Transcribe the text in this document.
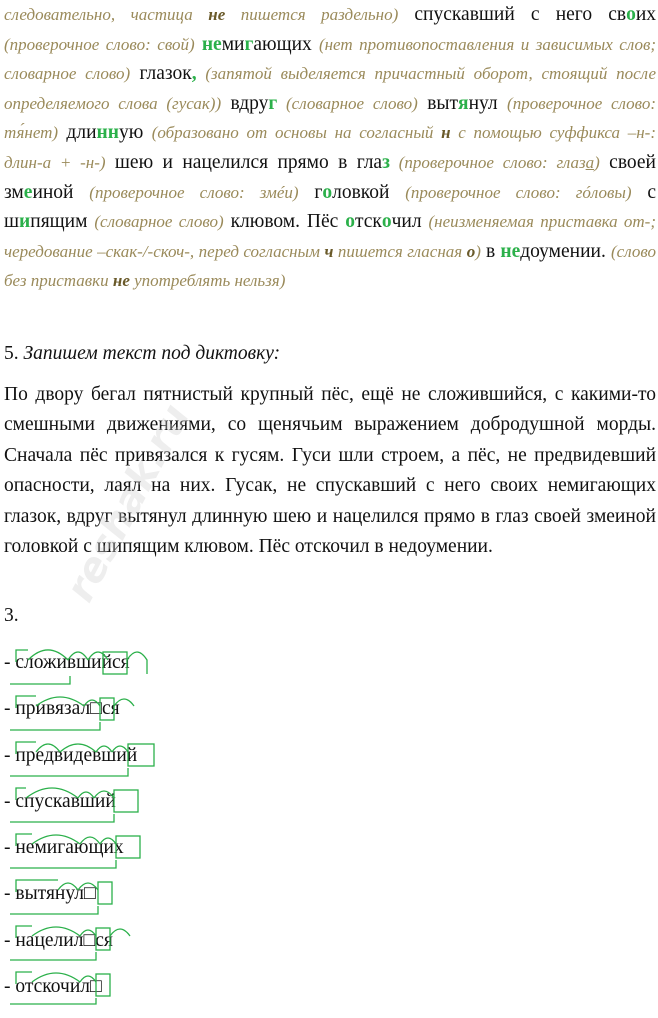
следовательно, частица не пишется раздельно) спускавший с него своих (проверочное слово: свой) немигающих (нет противопоставления и зависимых слов; словарное слово) глазок, (запятой выделяется причастный оборот, стоящий после определяемого слова (гусак)) вдруг (словарное слово) вытянул (проверочное слово: тя́нет) длинную (образовано от основы на согласный н с помощью суффикса –н-: длин-а + -н-) шею и нацелился прямо в глаз (проверочное слово: глаза) своей змеиной (проверочное слово: змéи) головкой (проверочное слово: гóловы) с шипящим (словарное слово) клювом. Пёс отскочил (неизменяемая приставка от-; чередование –скак-/-скоч-, перед согласным ч пишется гласная о) в недоумении. (слово без приставки не употреблять нельзя)
5. Запишем текст под диктовку:
По двору бегал пятнистый крупный пёс, ещё не сложившийся, с какими-то смешными движениями, со щенячьим выражением добродушной морды. Сначала пёс привязался к гусям. Гуси шли строем, а пёс, не предвидевший опасности, лаял на них. Гусак, не спускавший с него своих немигающих глазок, вдруг вытянул длинную шею и нацелился прямо в глаз своей змеиной головкой с шипящим клювом. Пёс отскочил в недоумении.
3.
- сложившийся
- привязал□ся
- предвидевший
- спускавший
- немигающих
- вытянул□
- нацелил□ся
- отскочил□
reshak.ru
